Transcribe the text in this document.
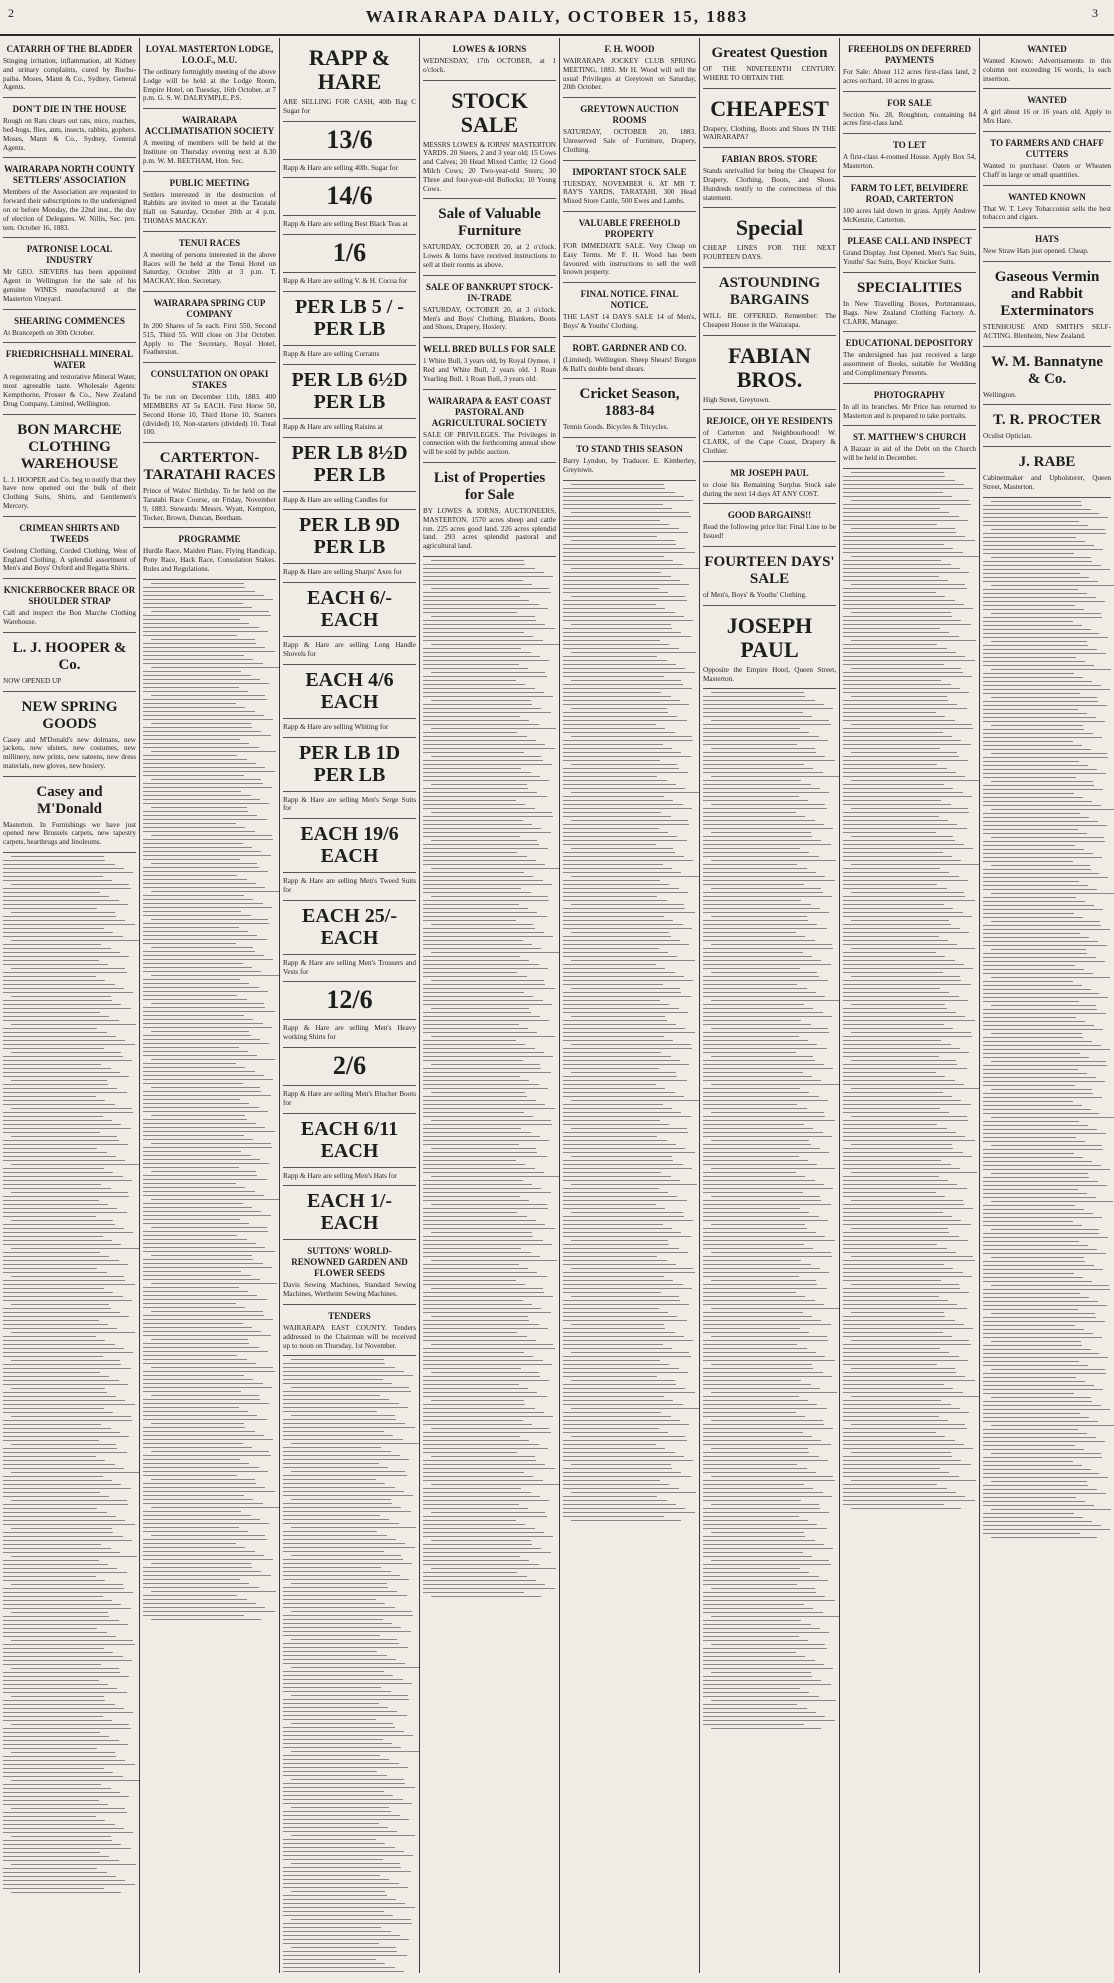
2	WAIRARAPA DAILY, OCTOBER 15, 1883	3
CATARRH OF THE BLADDER
Stinging irritation, inflammation, all Kidney and urinary complaints, cured by Buchu-paiba. Moses, Mann & Co., Sydney, General Agents.
DON'T DIE IN THE HOUSE
Rough on Rats clears out rats, mice, roaches, bed-bugs, flies, ants, insects, rabbits, gophers. Moses, Mann & Co., Sydney, General Agents.
WAIRARAPA NORTH COUNTY SETTLERS' ASSOCIATION
Members of the Association are requested to forward their subscriptions to the undersigned on or before Monday, the 22nd inst., the day of election of Delegates. W. Nillis, Sec. pro. tem. October 16, 1883.
PATRONISE LOCAL INDUSTRY
Mr GEO. SIEVERS has been appointed Agent in Wellington for the sale of his genuine WINES manufactured at the Masterton Vineyard.
SHEARING COMMENCES
At Brancepeth on 30th October.
FRIEDRICHSHALL MINERAL WATER
A regenerating and restorative Mineral Water, most agreeable taste. Wholesale Agents: Kempthorne, Prosser & Co., New Zealand Drug Company, Limited, Wellington.
BON MARCHE CLOTHING WAREHOUSE
L. J. HOOPER and Co. beg to notify that they have now opened out the bulk of their Clothing Suits, Shirts, and Gentlemen's Mercery.
CRIMEAN SHIRTS AND TWEEDS
Geelong Clothing, Corded Clothing, West of England Clothing. A splendid assortment of Men's and Boys' Oxford and Regatta Shirts.
KNICKERBOCKER BRACE OR SHOULDER STRAP
Call and inspect the Bon Marche Clothing Warehouse.
L. J. HOOPER & Co.
NOW OPENED UP
NEW SPRING GOODS
Casey and M'Donald's new dolmans, new jackets, new ulsters, new costumes, new millinery, new prints, new sateens, new dress materials, new gloves, new hosiery.
Casey and M'Donald
Masterton. In Furnishings we have just opened new Brussels carpets, new tapestry carpets, hearthrugs and linoleums.
LOYAL MASTERTON LODGE, I.O.O.F., M.U.
The ordinary fortnightly meeting of the above Lodge will be held at the Lodge Room, Empire Hotel, on Tuesday, 16th October, at 7 p.m. G. S. W. DALRYMPLE, P.S.
WAIRARAPA ACCLIMATISATION SOCIETY
A meeting of members will be held at the Institute on Thursday evening next at 8.30 p.m. W. M. BEETHAM, Hon. Sec.
PUBLIC MEETING
Settlers interested in the destruction of Rabbits are invited to meet at the Taratahi Hall on Saturday, October 20th at 4 p.m. THOMAS MACKAY.
TENUI RACES
A meeting of persons interested in the above Races will be held at the Tenui Hotel on Saturday, October 20th at 3 p.m. T. MACKAY, Hon. Secretary.
WAIRARAPA SPRING CUP COMPANY
In 200 Shares of 5s each. First 550, Second 515, Third 55. Will close on 31st October. Apply to The Secretary, Royal Hotel, Featherston.
CONSULTATION ON OPAKI STAKES
To be run on December 11th, 1883. 400 MEMBERS AT 5s EACH. First Horse 50, Second Horse 10, Third Horse 10, Starters (divided) 10, Non-starters (divided) 10. Total 100.
CARTERTON-TARATAHI RACES
Prince of Wales' Birthday. To be held on the Taratahi Race Course, on Friday, November 9, 1883. Stewards: Messrs. Wyatt, Kempton, Tocker, Brown, Duncan, Beetham.
PROGRAMME
Hurdle Race, Maiden Plate, Flying Handicap, Pony Race, Hack Race, Consolation Stakes. Rules and Regulations.
RAPP & HARE
ARE SELLING FOR CASH, 40lb Bag C Sugar for
13/6
Rapp & Hare are selling 40lb. Sugar for
14/6
Rapp & Hare are selling Best Black Teas at
1/6
Rapp & Hare are selling V. & H. Cocoa for
PER LB 5 / - PER LB
Rapp & Hare are selling Currants
PER LB 6½D PER LB
Rapp & Hare are selling Raisins at
PER LB 8½D PER LB
Rapp & Hare are selling Candles for
PER LB 9D PER LB
Rapp & Hare are selling Sharps' Axes for
EACH 6/- EACH
Rapp & Hare are selling Long Handle Shovels for
EACH 4/6 EACH
Rapp & Hare are selling Whiting for
PER LB 1D PER LB
Rapp & Hare are selling Men's Serge Suits for
EACH 19/6 EACH
Rapp & Hare are selling Men's Tweed Suits for
EACH 25/- EACH
Rapp & Hare are selling Men's Trousers and Vests for
12/6
Rapp & Hare are selling Men's Heavy working Shirts for
2/6
Rapp & Hare are selling Men's Blucher Boots for
EACH 6/11 EACH
Rapp & Hare are selling Men's Hats for
EACH 1/- EACH
SUTTONS' WORLD-RENOWNED GARDEN AND FLOWER SEEDS
Davis Sewing Machines, Standard Sewing Machines, Wertheim Sewing Machines.
TENDERS
WAIRARAPA EAST COUNTY. Tenders addressed to the Chairman will be received up to noon on Thursday, 1st November.
LOWES & IORNS
WEDNESDAY, 17th OCTOBER, at 1 o'clock.
STOCK SALE
MESSRS LOWES & IORNS' MASTERTON YARDS. 20 Steers, 2 and 3 year old; 15 Cows and Calves; 20 Head Mixed Cattle; 12 Good Milch Cows; 20 Two-year-old Steers; 30 Three and four-year-old Bullocks; 10 Young Cows.
Sale of Valuable Furniture
SATURDAY, OCTOBER 20, at 2 o'clock. Lowes & Iorns have received instructions to sell at their rooms as above.
SALE OF BANKRUPT STOCK-IN-TRADE
SATURDAY, OCTOBER 20, at 3 o'clock. Men's and Boys' Clothing, Blankets, Boots and Shoes, Drapery, Hosiery.
WELL BRED BULLS FOR SALE
1 White Bull, 3 years old, by Royal Oymoe. 1 Red and White Bull, 2 years old. 1 Roan Yearling Bull. 1 Roan Bull, 3 years old.
WAIRARAPA & EAST COAST PASTORAL AND AGRICULTURAL SOCIETY
SALE OF PRIVILEGES. The Privileges in connection with the forthcoming annual show will be sold by public auction.
List of Properties for Sale
BY LOWES & IORNS, AUCTIONEERS, MASTERTON. 1570 acres sheep and cattle run. 225 acres good land. 226 acres splendid land. 293 acres splendid pastoral and agricultural land.
F. H. WOOD
WAIRARAPA JOCKEY CLUB SPRING MEETING, 1883. Mr H. Wood will sell the usual Privileges at Greytown on Saturday, 20th October.
GREYTOWN AUCTION ROOMS
SATURDAY, OCTOBER 20, 1883. Unreserved Sale of Furniture, Drapery, Clothing.
IMPORTANT STOCK SALE
TUESDAY, NOVEMBER 6. AT MR T. RAY'S YARDS, TARATAHI. 300 Head Mixed Store Cattle, 500 Ewes and Lambs.
VALUABLE FREEHOLD PROPERTY
FOR IMMEDIATE SALE. Very Cheap on Easy Terms. Mr F. H. Wood has been favoured with instructions to sell the well known property.
FINAL NOTICE. FINAL NOTICE.
THE LAST 14 DAYS SALE 14 of Men's, Boys' & Youths' Clothing.
ROBT. GARDNER AND CO.
(Limited). Wellington. Sheep Shears! Burgon & Ball's double bend shears.
Cricket Season, 1883-84
Tennis Goods. Bicycles & Tricycles.
TO STAND THIS SEASON
Barry Lyndon, by Traducer. E. Kimberley, Greytown.
Greatest Question
OF THE NINETEENTH CENTURY. WHERE TO OBTAIN THE
CHEAPEST
Drapery, Clothing, Boots and Shoes IN THE WAIRARAPA?
FABIAN BROS. STORE
Stands unrivalled for being the Cheapest for Drapery, Clothing, Boots, and Shoes. Hundreds testify to the correctness of this statement.
Special
CHEAP LINES FOR THE NEXT FOURTEEN DAYS.
ASTOUNDING BARGAINS
WILL BE OFFERED. Remember: The Cheapest House in the Wairarapa.
FABIAN BROS.
High Street, Greytown.
REJOICE, OH YE RESIDENTS
of Carterton and Neighbourhood! W. CLARK, of the Cape Coast, Drapery & Clothier.
MR JOSEPH PAUL
to close his Remaining Surplus Stock sale during the next 14 days AT ANY COST.
GOOD BARGAINS!!
Read the following price list: Final Line to be Issued!
FOURTEEN DAYS' SALE
of Men's, Boys' & Youths' Clothing.
JOSEPH PAUL
Opposite the Empire Hotel, Queen Street, Masterton.
FREEHOLDS ON DEFERRED PAYMENTS
For Sale: About 112 acres first-class land, 2 acres orchard, 10 acres in grass.
FOR SALE
Section No. 28, Roughton, containing 84 acres first-class land.
TO LET
A first-class 4-roomed House. Apply Box 54, Masterton.
FARM TO LET, BELVIDERE ROAD, CARTERTON
100 acres laid down in grass. Apply Andrew McKenzie, Carterton.
PLEASE CALL AND INSPECT
Grand Display. Just Opened. Men's Sac Suits, Youths' Sac Suits, Boys' Knicker Suits.
SPECIALITIES
In New Travelling Boxes, Portmanteaus, Bags. New Zealand Clothing Factory. A. CLARK, Manager.
EDUCATIONAL DEPOSITORY
The undersigned has just received a large assortment of Books, suitable for Wedding and Complimentary Presents.
PHOTOGRAPHY
In all its branches. Mr Price has returned to Masterton and is prepared to take portraits.
ST. MATTHEW'S CHURCH
A Bazaar in aid of the Debt on the Church will be held in December.
WANTED
Wanted Known: Advertisements in this column not exceeding 16 words, 1s each insertion.
WANTED
A girl about 16 or 16 years old. Apply to Mrs Hare.
TO FARMERS AND CHAFF CUTTERS
Wanted to purchase: Oaten or Wheaten Chaff in large or small quantities.
WANTED KNOWN
That W. T. Levy Tobacconist sells the best tobacco and cigars.
HATS
New Straw Hats just opened. Cheap.
Gaseous Vermin and Rabbit Exterminators
STENHOUSE AND SMITH'S SELF-ACTING. Blenheim, New Zealand.
W. M. Bannatyne & Co.
Wellington.
T. R. PROCTER
Oculist Optician.
J. RABE
Cabinetmaker and Upholsterer, Queen Street, Masterton.
